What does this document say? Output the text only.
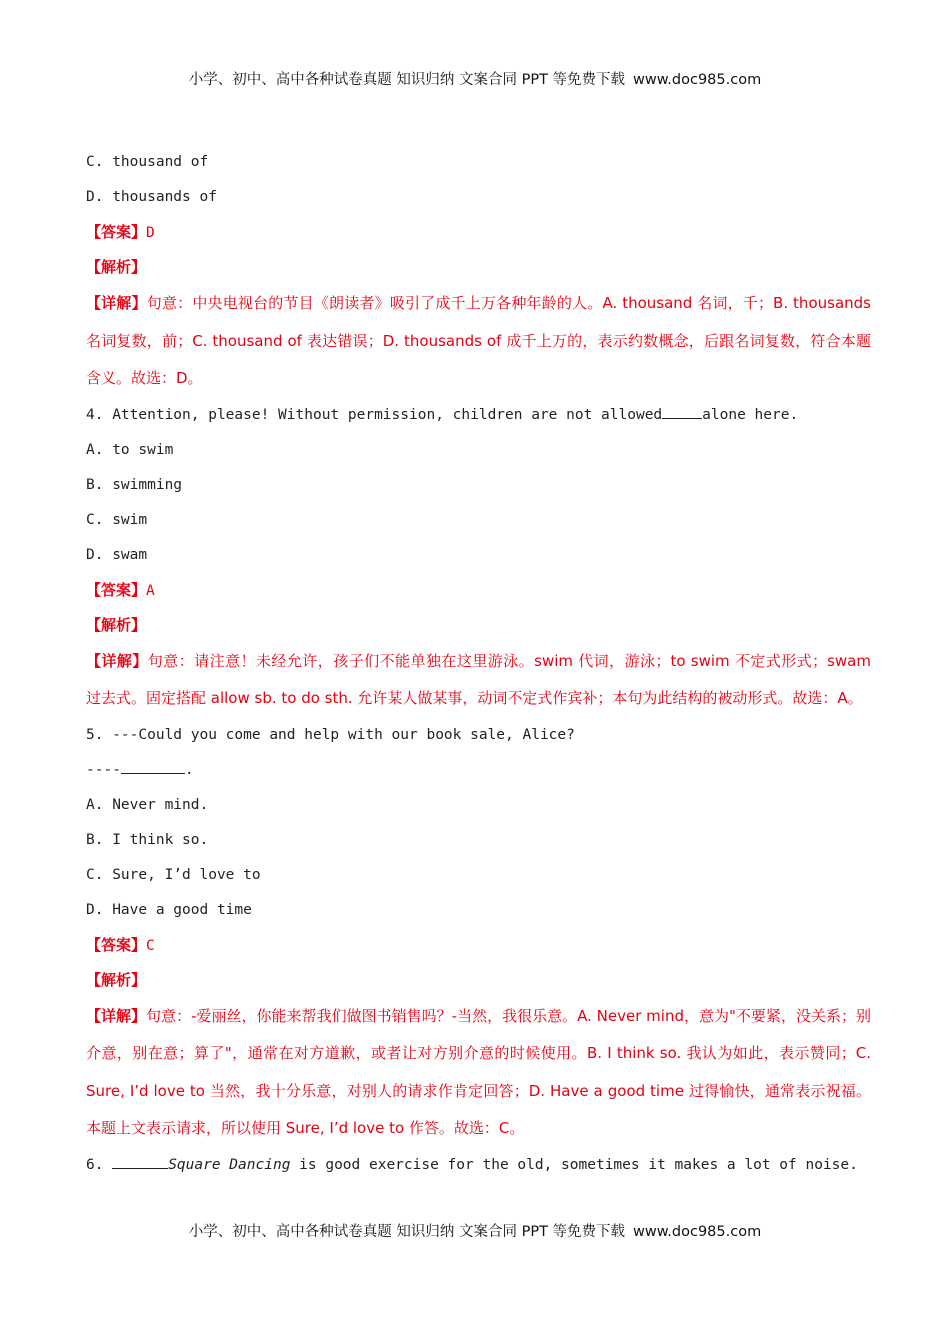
小学、初中、高中各种试卷真题 知识归纳 文案合同 PPT 等免费下载 www.doc985.com
C. thousand of
D. thousands of
【答案】D
【解析】
【详解】句意：中央电视台的节目《朗读者》吸引了成千上万各种年龄的人。A. thousand 名词，千；B. thousands 名词复数，前；C. thousand of 表达错误；D. thousands of 成千上万的，表示约数概念，后跟名词复数，符合本题含义。故选：D。
4. Attention, please! Without permission, children are not allowed	alone here.
A. to swim
B. swimming
C. swim
D. swam
【答案】A
【解析】
【详解】句意：请注意！未经允许，孩子们不能单独在这里游泳。swim 代词，游泳；to swim 不定式形式；swam 过去式。固定搭配 allow sb. to do sth. 允许某人做某事，动词不定式作宾补；本句为此结构的被动形式。故选：A。
5. ---Could you come and help with our book sale, Alice?
----	.
A. Never mind.
B. I think so.
C. Sure, I’d love to
D. Have a good time
【答案】C
【解析】
【详解】句意：-爱丽丝，你能来帮我们做图书销售吗？-当然，我很乐意。A. Never mind，意为"不要紧，没关系；别介意，别在意；算了"，通常在对方道歉，或者让对方别介意的时候使用。B. I think so. 我认为如此，表示赞同；C. Sure, I’d love to 当然，我十分乐意，对别人的请求作肯定回答；D. Have a good time 过得愉快，通常表示祝福。本题上文表示请求，所以使用 Sure, I’d love to 作答。故选：C。
6.	Square Dancing is good exercise for the old, sometimes it makes a lot of noise.
小学、初中、高中各种试卷真题 知识归纳 文案合同 PPT 等免费下载 www.doc985.com
